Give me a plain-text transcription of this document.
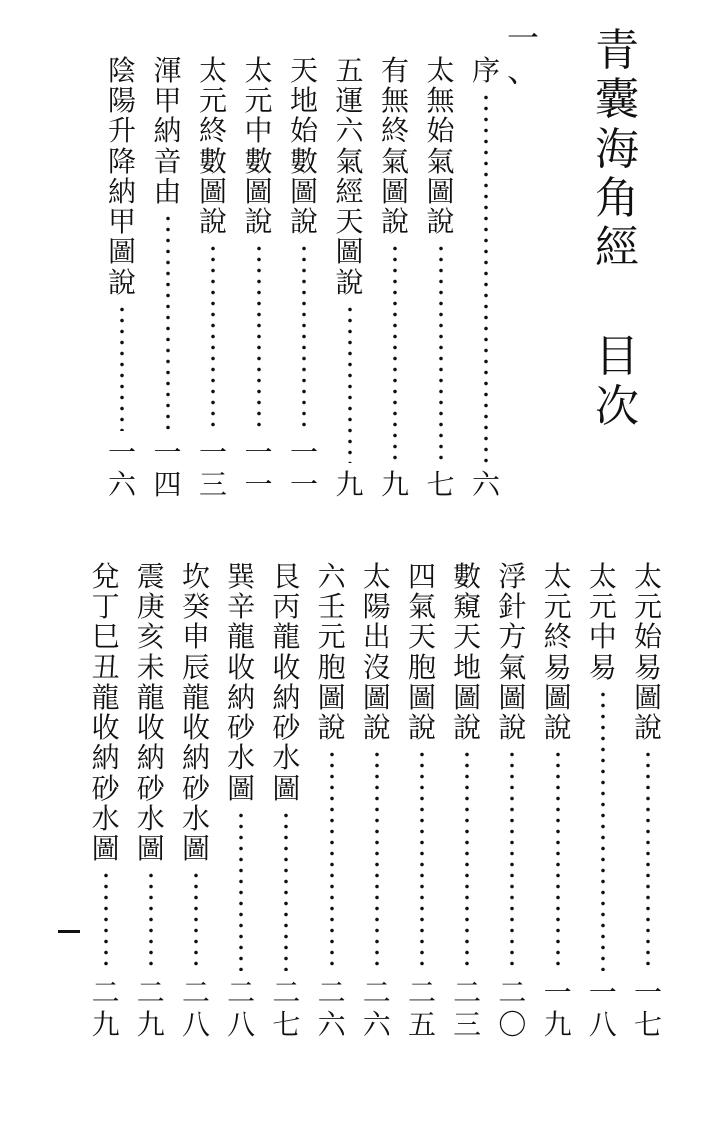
青
囊
海
角
經
目
次
一
、
序
六
太
無
始
氣
圖
說
七
有
無
終
氣
圖
說
九
五
運
六
氣
經
天
圖
說
九
天
地
始
數
圖
說
一
一
太
元
中
數
圖
說
一
一
太
元
終
數
圖
說
一
三
渾
甲
納
音
由
一
四
陰
陽
升
降
納
甲
圖
說
一
六
太
元
始
易
圖
說
一
七
太
元
中
易
一
八
太
元
終
易
圖
說
一
九
浮
針
方
氣
圖
說
二
〇
數
窺
天
地
圖
說
二
三
四
氣
天
胞
圖
說
二
五
太
陽
出
沒
圖
說
二
六
六
壬
元
胞
圖
說
二
六
艮
丙
龍
收
納
砂
水
圖
二
七
巽
辛
龍
收
納
砂
水
圖
二
八
坎
癸
申
辰
龍
收
納
砂
水
圖
二
八
震
庚
亥
未
龍
收
納
砂
水
圖
二
九
兌
丁
巳
丑
龍
收
納
砂
水
圖
二
九
